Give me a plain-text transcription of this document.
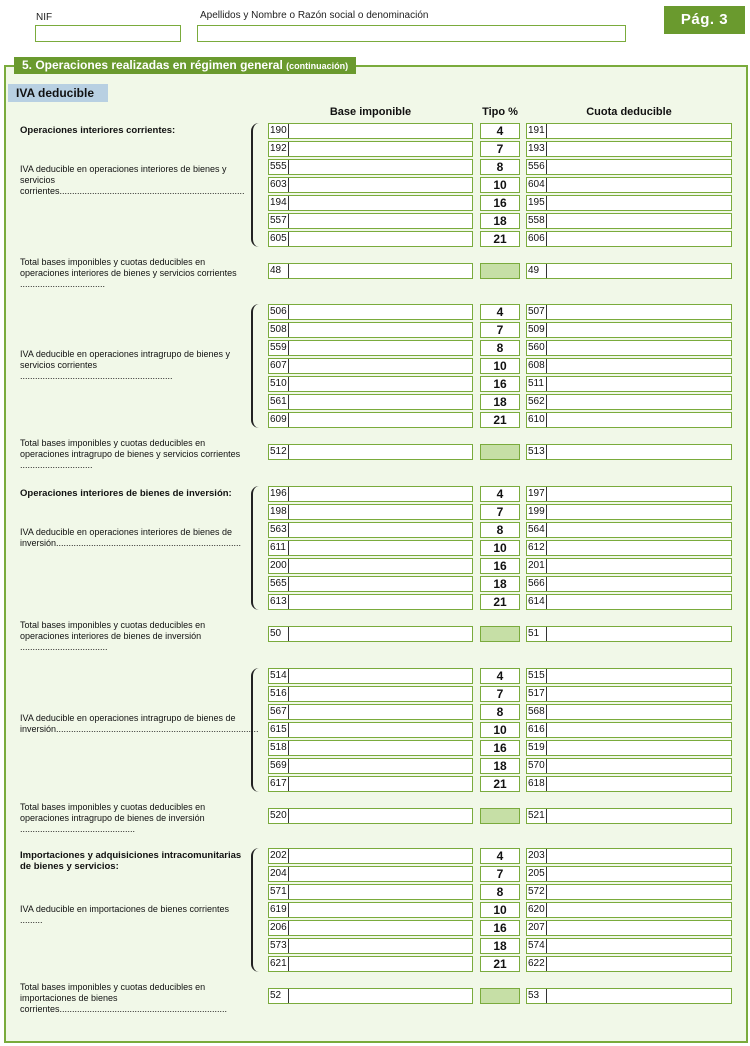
NIF	Apellidos y Nombre o Razón social o denominación	Pág. 3
5. Operaciones realizadas en régimen general (continuación)
IVA deducible
Base imponible	Tipo %	Cuota deducible
Operaciones interiores corrientes:
IVA deducible en operaciones interiores de bienes y servicios corrientes..........................................................................
190	4	191
192	7	193
555	8	556
603	10	604
194	16	195
557	18	558
605	21	606
Total bases imponibles y cuotas deducibles en operaciones interiores de bienes y servicios corrientes ..................................
48	49
IVA deducible en operaciones intragrupo de bienes y servicios corrientes .............................................................
506	4	507
508	7	509
559	8	560
607	10	608
510	16	511
561	18	562
609	21	610
Total bases imponibles y cuotas deducibles en operaciones intragrupo de bienes y servicios corrientes .............................
512	513
Operaciones interiores de bienes de inversión:
IVA deducible en operaciones interiores de bienes de inversión..........................................................................
196	4	197
198	7	199
563	8	564
611	10	612
200	16	201
565	18	566
613	21	614
Total bases imponibles y cuotas deducibles en operaciones interiores de bienes de inversión ...................................
50	51
IVA deducible en operaciones intragrupo de bienes de inversión.................................................................................
514	4	515
516	7	517
567	8	568
615	10	616
518	16	519
569	18	570
617	21	618
Total bases imponibles y cuotas deducibles en operaciones intragrupo de bienes de inversión ..............................................
520	521
Importaciones y adquisiciones intracomunitarias de bienes y servicios:
IVA deducible en importaciones de bienes corrientes .........
202	4	203
204	7	205
571	8	572
619	10	620
206	16	207
573	18	574
621	21	622
Total bases imponibles y cuotas deducibles en importaciones de bienes corrientes...................................................................
52	53
